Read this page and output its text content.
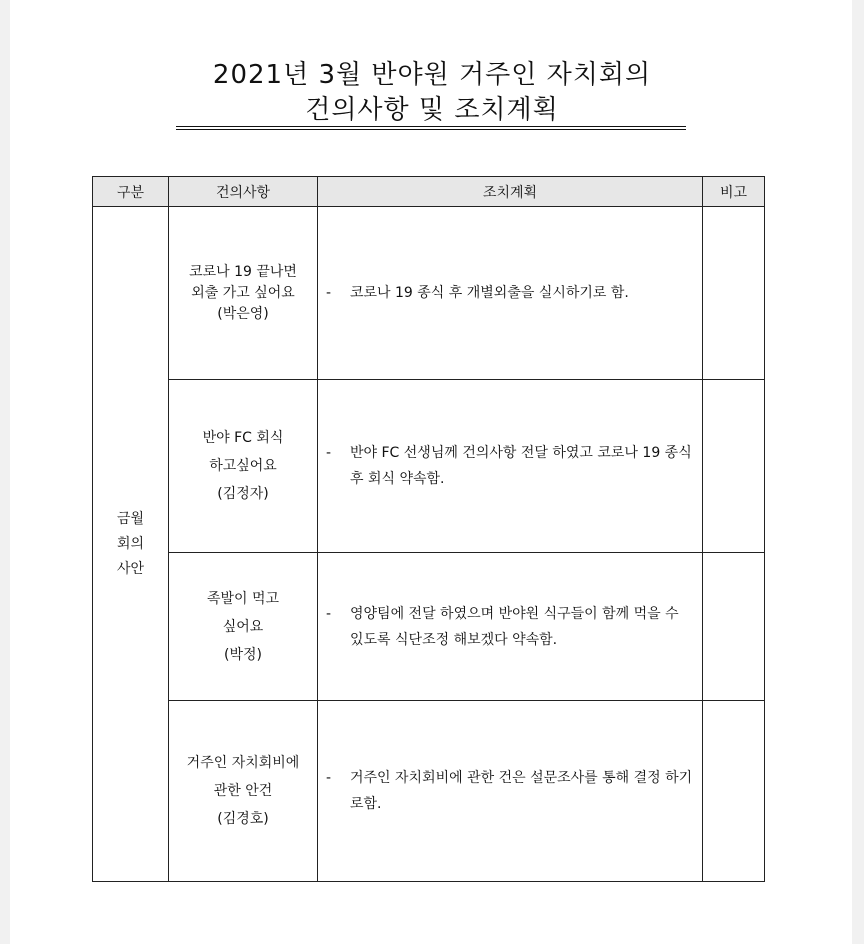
2021년 3월 반야원 거주인 자치회의
건의사항 및 조치계획
구분	건의사항	조치계획	비고

금월
회의
사안	코로나 19 끝나면
외출 가고 싶어요
(박은영)	- 코로나 19 종식 후 개별외출을 실시하기로 함.	

	반야 FC 회식
하고싶어요
(김정자)	- 반야 FC 선생님께 건의사항 전달 하였고 코로나 19 종식후 회식 약속함.	

	족발이 먹고
싶어요
(박정)	- 영양팀에 전달 하였으며 반야원 식구들이 함께 먹을 수 있도록 식단조정 해보겠다 약속함.	

	거주인 자치회비에
관한 안건
(김경호)	- 거주인 자치회비에 관한 건은 설문조사를 통해 결정 하기로함.	
